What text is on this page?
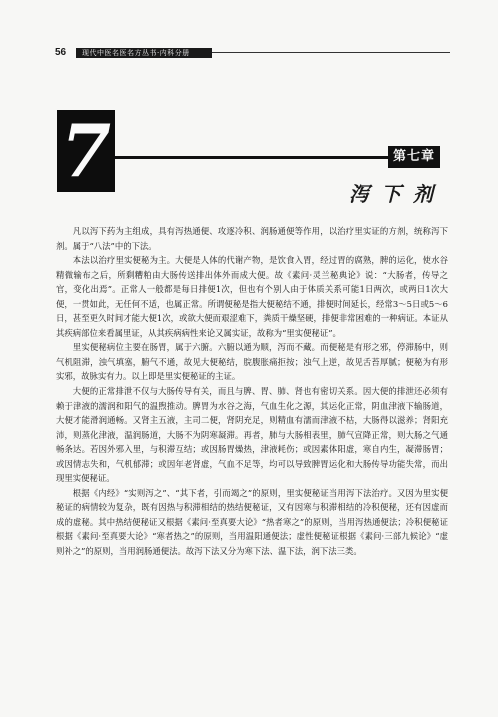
56	现代中医名医名方丛书·内科分册
7	第七章
泻下剂

凡以泻下药为主组成，具有泻热通便、攻逐冷积、润肠通便等作用，以治疗里实证的方剂，统称泻下剂。属于“八法”中的下法。

本法以治疗里实便秘为主。大便是人体的代谢产物，是饮食入胃，经过胃的腐熟，脾的运化，使水谷精微输布之后，所剩糟粕由大肠传送排出体外而成大便。故《素问·灵兰秘典论》说：“大肠者，传导之官，变化出焉”。正常人一般都是每日排便1次，但也有个别人由于体质关系可能1日两次，或两日1次大便，一贯如此，无任何不适，也属正常。所谓便秘是指大便秘结不通，排便时间延长，经常3～5日或5～6日，甚至更久时间才能大便1次，或欲大便而艰涩难下，粪质干燥坚硬，排便非常困难的一种病证。本证从其疾病部位来看属里证，从其疾病病性来论又属实证，故称为“里实便秘证”。

里实便秘病位主要在肠胃，属于六腑。六腑以通为顺，泻而不藏。而便秘是有形之邪，停滞肠中，则气机阻滞，浊气填塞，腑气不通，故见大便秘结，脘腹胀痛拒按；浊气上逆，故见舌苔厚腻；便秘为有形实邪，故脉实有力。以上即是里实便秘证的主证。

大便的正常排泄不仅与大肠传导有关，而且与脾、胃、肺、肾也有密切关系。因大便的排泄还必须有赖于津液的濡润和阳气的温煦推动。脾胃为水谷之海，气血生化之源，其运化正常，阴血津液下输肠道，大便才能滑润通畅。又肾主五液，主司二便，肾阴充足，则精血有濡而津液不枯，大肠得以滋养；肾阳充沛，则蒸化津液，温润肠道，大肠不为阴寒凝滞。再者，肺与大肠相表里，肺气宣降正常，则大肠之气通畅条达。若因外邪入里，与积滞互结；或因肠胃燥热，津液耗伤；或因素体阳虚，寒自内生，凝滞肠胃；或因情志失和，气机郁滞；或因年老肾虚，气血不足等，均可以导致脾胃运化和大肠传导功能失常，而出现里实便秘证。

根据《内经》“实则泻之”、“其下者，引而竭之”的原则，里实便秘证当用泻下法治疗。又因为里实便秘证的病情较为复杂，既有因热与积滞相结的热结便秘证，又有因寒与积滞相结的冷积便秘，还有因虚而成的虚秘。其中热结便秘证又根据《素问·至真要大论》“热者寒之”的原则，当用泻热通便法；冷积便秘证根据《素问·至真要大论》“寒者热之”的原则，当用温阳通便法；虚性便秘证根据《素问·三部九候论》“虚则补之”的原则，当用润肠通便法。故泻下法又分为寒下法、温下法，润下法三类。
